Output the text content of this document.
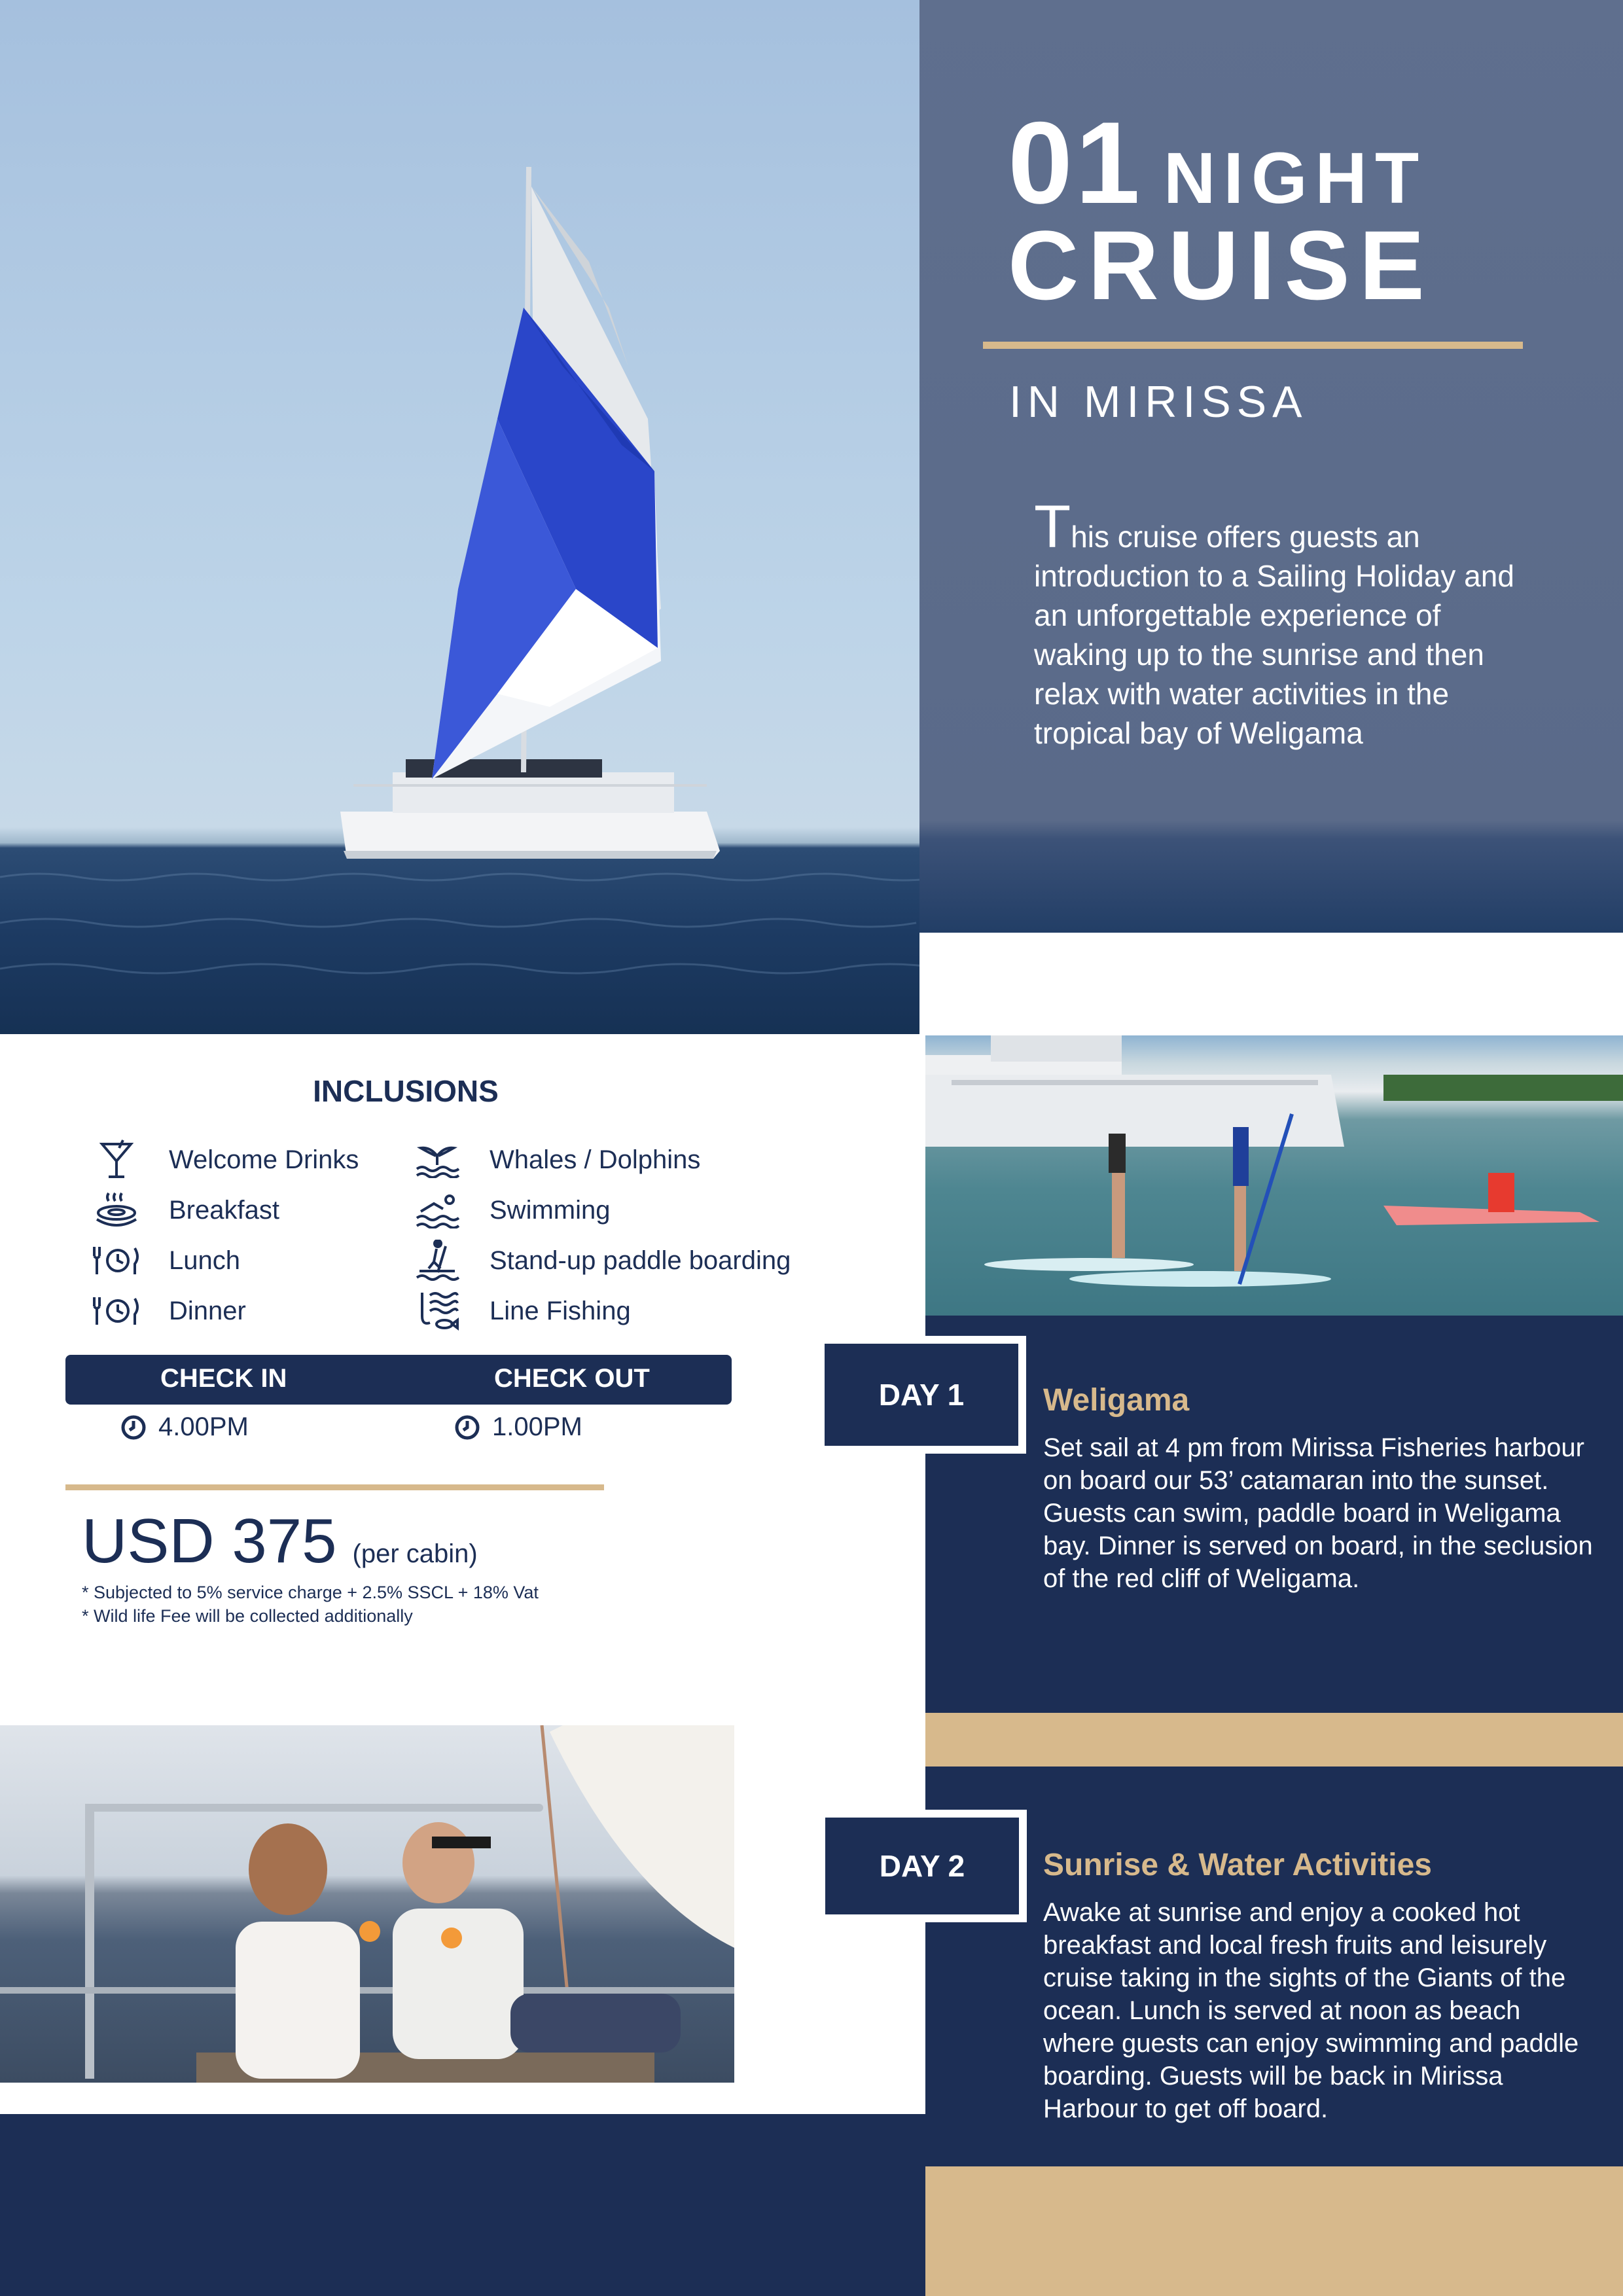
01 NIGHT
CRUISE
IN MIRISSA
This cruise offers guests an introduction to a Sailing Holiday and an unforgettable experience of waking up to the sunrise and then relax with water activities in the tropical bay of Weligama
DAY 1	Weligama
Set sail at 4 pm from Mirissa Fisheries harbour on board our 53’ catamaran into the sunset. Guests can swim, paddle board in Weligama bay. Dinner is served on board, in the seclusion of the red cliff of Weligama.
DAY 2	Sunrise & Water Activities
Awake at sunrise and enjoy a cooked hot breakfast and local fresh fruits and leisurely cruise taking in the sights of the Giants of the ocean. Lunch is served at noon as beach where guests can enjoy swimming and paddle boarding. Guests will be back in Mirissa Harbour to get off board.
INCLUSIONS
Welcome Drinks
Breakfast
Lunch
Dinner
Whales / Dolphins
Swimming
Stand-up paddle boarding
Line Fishing
CHECK IN	CHECK OUT
4.00PM	1.00PM
USD 375 (per cabin)
* Subjected to 5% service charge + 2.5% SSCL + 18% Vat
* Wild life Fee will be collected additionally
